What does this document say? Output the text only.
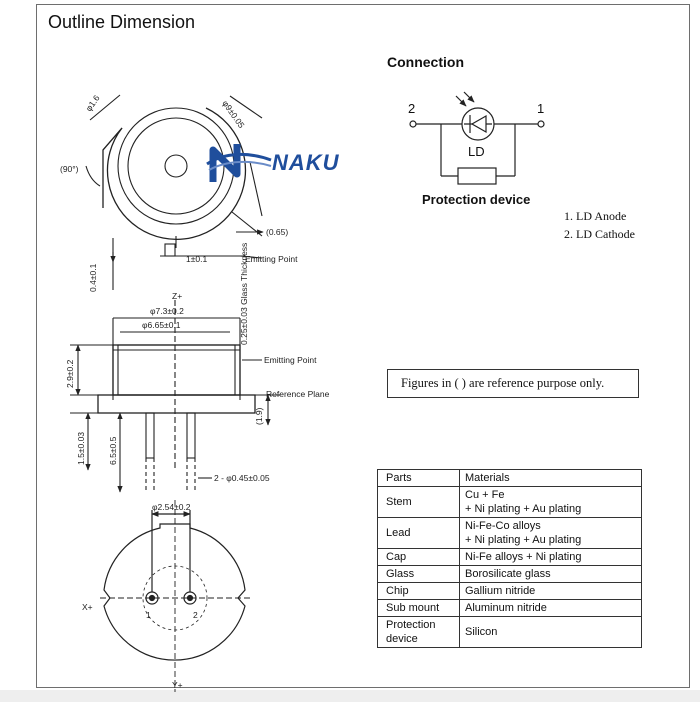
Outline Dimension
Connection
φ1.6	φ9±0.05
(90°)
(0.65)
Emitting Point
0.4±0.1
1±0.1
Z+
φ7.3±0.2
φ6.65±0.1	0.25±0.03 Glass Thickness
Emitting Point
Reference Plane
2.9±0.2
(1.9)
1.5±0.03	6.5±0.5
2 - φ0.45±0.05
φ2.54±0.2
X+
Y+
1	2
2	1
LD
Protection device
NAKU
1. LD Anode
2. LD Cathode
Figures in ( ) are reference purpose only.
Parts	Materials
Stem	Cu + Fe
+ Ni plating + Au plating

Lead	Ni-Fe-Co alloys
+ Ni plating + Au plating

Cap	Ni-Fe alloys + Ni plating

Glass	Borosilicate glass

Chip	Gallium nitride

Sub mount	Aluminum nitride

Protection device	Silicon
